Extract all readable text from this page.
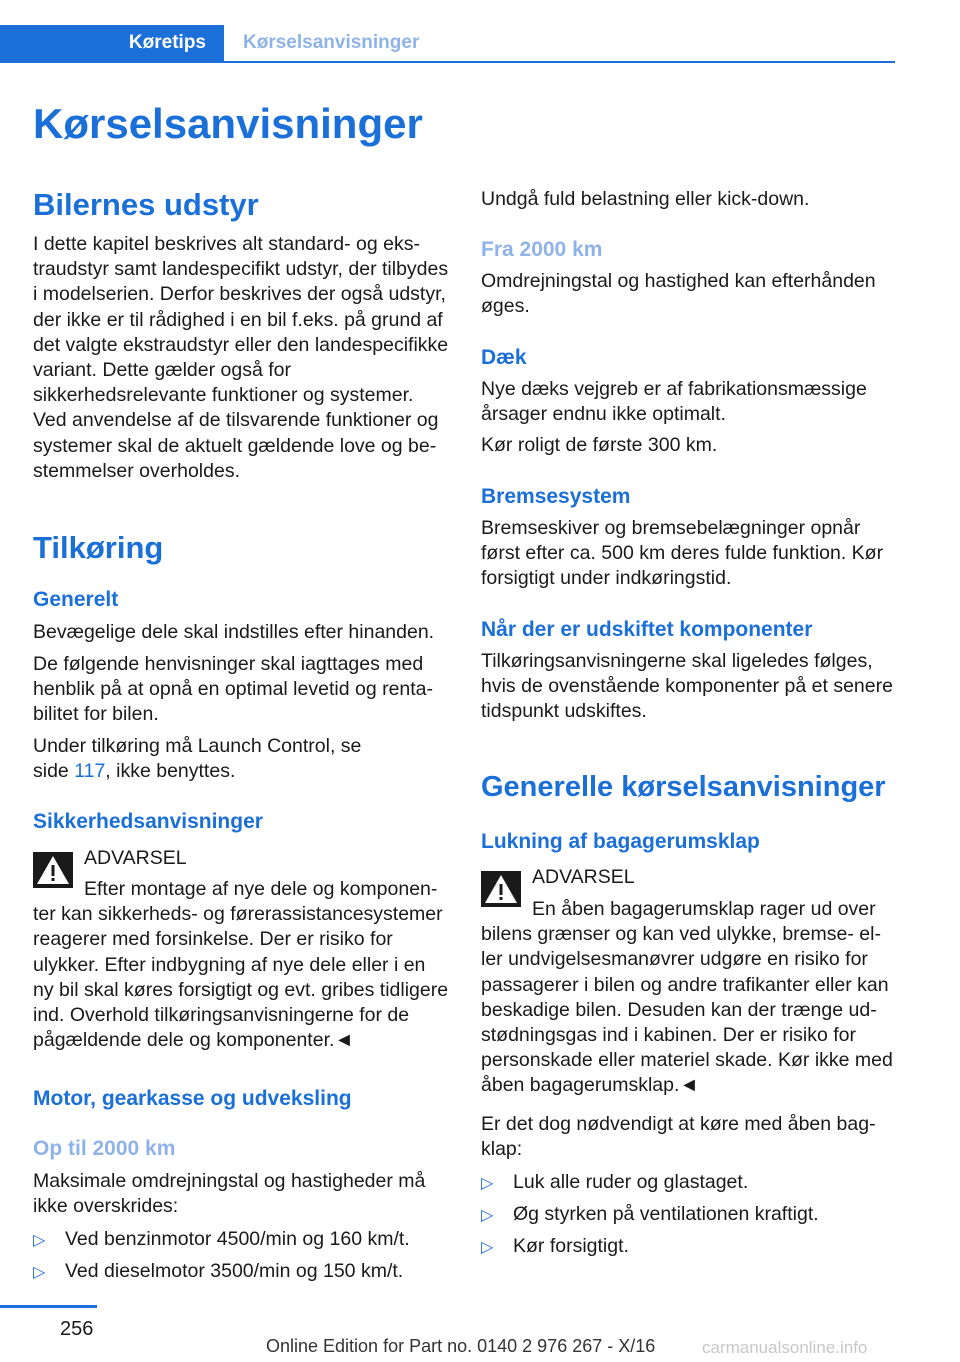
Køretips	Kørselsanvisninger
Kørselsanvisninger
Bilernes udstyr
I dette kapitel beskrives alt standard- og ekstraudstyr samt landespecifikt udstyr, der tilbydes i modelserien. Derfor beskrives der også udstyr, der ikke er til rådighed i en bil f.eks. på grund af det valgte ekstraudstyr eller den landespecifikke variant. Dette gælder også for sikkerhedsrelevante funktioner og systemer. Ved anvendelse af de tilsvarende funktioner og systemer skal de aktuelt gældende love og bestemmelser overholdes.
Tilkøring
Generelt
Bevægelige dele skal indstilles efter hinanden.
De følgende henvisninger skal iagttages med henblik på at opnå en optimal levetid og rentabilitet for bilen.
Under tilkøring må Launch Control, se side 117, ikke benyttes.
Sikkerhedsanvisninger
ADVARSEL
Efter montage af nye dele og komponenter kan sikkerheds- og førerassistancesystemer reagerer med forsinkelse. Der er risiko for ulykker. Efter indbygning af nye dele eller i en ny bil skal køres forsigtigt og evt. gribes tidligere ind. Overhold tilkøringsanvisningerne for de pågældende dele og komponenter.◄
Motor, gearkasse og udveksling
Op til 2000 km
Maksimale omdrejningstal og hastigheder må ikke overskrides:
▷ Ved benzinmotor 4500/min og 160 km/t.
▷ Ved dieselmotor 3500/min og 150 km/t.
Undgå fuld belastning eller kick-down.
Fra 2000 km
Omdrejningstal og hastighed kan efterhånden øges.
Dæk
Nye dæks vejgreb er af fabrikationsmæssige årsager endnu ikke optimalt.
Kør roligt de første 300 km.
Bremsesystem
Bremseskiver og bremsebelægninger opnår først efter ca. 500 km deres fulde funktion. Kør forsigtigt under indkøringstid.
Når der er udskiftet komponenter
Tilkøringsanvisningerne skal ligeledes følges, hvis de ovenstående komponenter på et senere tidspunkt udskiftes.
Generelle kørselsanvisninger
Lukning af bagagerumsklap
ADVARSEL
En åben bagagerumsklap rager ud over bilens grænser og kan ved ulykke, bremse- eller undvigelsesmanøvrer udgøre en risiko for passagerer i bilen og andre trafikanter eller kan beskadige bilen. Desuden kan der trænge udstødningsgas ind i kabinen. Der er risiko for personskade eller materiel skade. Kør ikke med åben bagagerumsklap.◄
Er det dog nødvendigt at køre med åben bagklap:
▷ Luk alle ruder og glastaget.
▷ Øg styrken på ventilationen kraftigt.
▷ Kør forsigtigt.
256
Online Edition for Part no. 0140 2 976 267 - X/16	carmanualsonline.info
